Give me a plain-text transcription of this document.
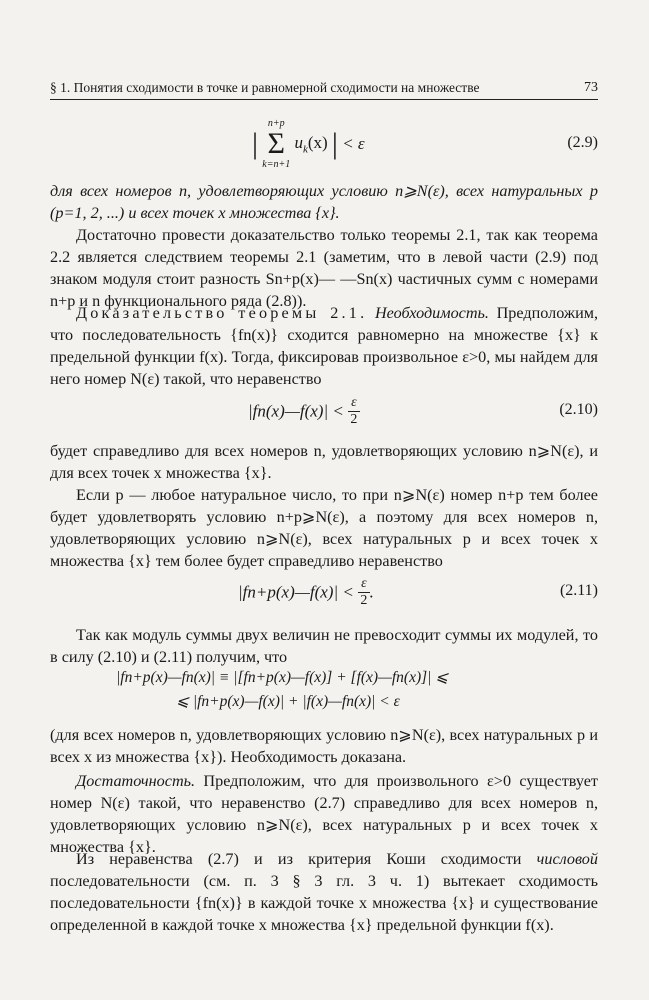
§ 1. Понятия сходимости в точке и равномерной сходимости на множестве	73
|
n+p
Σ
k=n+1
$u_k(x)$ | < ε	(2.9)

для всех номеров n, удовлетворяющих условию n⩾N(ε), всех натуральных p (p=1, 2, ...) и всех точек x множества {x}.

Достаточно провести доказательство только теоремы 2.1, так как теорема 2.2 является следствием теоремы 2.1 (заметим, что в левой части (2.9) под знаком модуля стоит разность Sn+p(x)— —Sn(x) частичных сумм с номерами n+p и n функционального ряда (2.8)).

Доказательство теоремы 2.1. Необходимость. Предположим, что последовательность {fn(x)} сходится равномерно на множестве {x} к предельной функции f(x). Тогда, фиксировав произвольное ε>0, мы найдем для него номер N(ε) такой, что неравенство

|fn(x)—f(x)| < $\frac{\varepsilon}{2}$	(2.10)

будет справедливо для всех номеров n, удовлетворяющих условию n⩾N(ε), и для всех точек x множества {x}.

Если p — любое натуральное число, то при n⩾N(ε) номер n+p тем более будет удовлетворять условию n+p⩾N(ε), а поэтому для всех номеров n, удовлетворяющих условию n⩾N(ε), всех натуральных p и всех точек x множества {x} тем более будет справедливо неравенство

|fn+p(x)—f(x)| < $\frac{\varepsilon}{2}$ .	(2.11)

Так как модуль суммы двух величин не превосходит суммы их модулей, то в силу (2.10) и (2.11) получим, что

|fn+p(x)—fn(x)| ≡ |[fn+p(x)—f(x)] + [f(x)—fn(x)]| ⩽
⩽ |fn+p(x)—f(x)| + |f(x)—fn(x)| < ε

(для всех номеров n, удовлетворяющих условию n⩾N(ε), всех натуральных p и всех x из множества {x}). Необходимость доказана.

Достаточность. Предположим, что для произвольного ε>0 существует номер N(ε) такой, что неравенство (2.7) справедливо для всех номеров n, удовлетворяющих условию n⩾N(ε), всех натуральных p и всех точек x множества {x}.

Из неравенства (2.7) и из критерия Коши сходимости числовой последовательности (см. п. 3 § 3 гл. 3 ч. 1) вытекает сходимость последовательности {fn(x)} в каждой точке x множества {x} и существование определенной в каждой точке x множества {x} предельной функции f(x).
